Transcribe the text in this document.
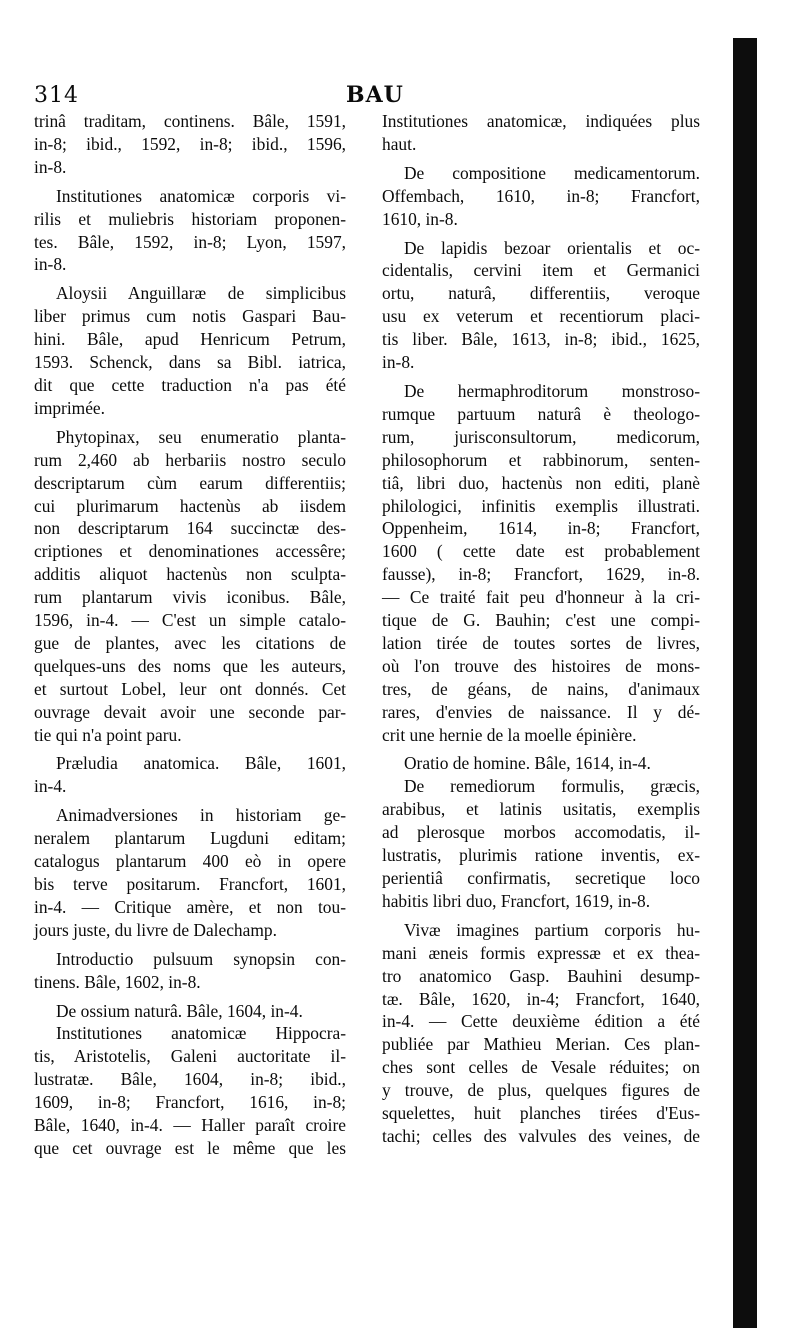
314	BAU
trinâ traditam, continens. Bâle, 1591,
in-8; ibid., 1592, in-8; ibid., 1596,
in-8.
Institutiones anatomicæ corporis vi-
rilis et muliebris historiam proponen-
tes. Bâle, 1592, in-8; Lyon, 1597,
in-8.
Aloysii Anguillaræ de simplicibus
liber primus cum notis Gaspari Bau-
hini. Bâle, apud Henricum Petrum,
1593. Schenck, dans sa Bibl. iatrica,
dit que cette traduction n'a pas été
imprimée.
Phytopinax, seu enumeratio planta-
rum 2,460 ab herbariis nostro seculo
descriptarum cùm earum differentiis;
cui plurimarum hactenùs ab iisdem
non descriptarum 164 succinctæ des-
criptiones et denominationes accessêre;
additis aliquot hactenùs non sculpta-
rum plantarum vivis iconibus. Bâle,
1596, in-4. — C'est un simple catalo-
gue de plantes, avec les citations de
quelques-uns des noms que les auteurs,
et surtout Lobel, leur ont donnés. Cet
ouvrage devait avoir une seconde par-
tie qui n'a point paru.
Præludia anatomica. Bâle, 1601,
in-4.
Animadversiones in historiam ge-
neralem plantarum Lugduni editam;
catalogus plantarum 400 eò in opere
bis terve positarum. Francfort, 1601,
in-4. — Critique amère, et non tou-
jours juste, du livre de Dalechamp.
Introductio pulsuum synopsin con-
tinens. Bâle, 1602, in-8.
De ossium naturâ. Bâle, 1604, in-4.
Institutiones anatomicæ Hippocra-
tis, Aristotelis, Galeni auctoritate il-
lustratæ. Bâle, 1604, in-8; ibid.,
1609, in-8; Francfort, 1616, in-8;
Bâle, 1640, in-4. — Haller paraît croire
que cet ouvrage est le même que les
Institutiones anatomicæ, indiquées plus
haut.
De compositione medicamentorum.
Offembach, 1610, in-8; Francfort,
1610, in-8.
De lapidis bezoar orientalis et oc-
cidentalis, cervini item et Germanici
ortu, naturâ, differentiis, veroque
usu ex veterum et recentiorum placi-
tis liber. Bâle, 1613, in-8; ibid., 1625,
in-8.
De hermaphroditorum monstroso-
rumque partuum naturâ è theologo-
rum, jurisconsultorum, medicorum,
philosophorum et rabbinorum, senten-
tiâ, libri duo, hactenùs non editi, planè
philologici, infinitis exemplis illustrati.
Oppenheim, 1614, in-8; Francfort,
1600 ( cette date est probablement
fausse), in-8; Francfort, 1629, in-8.
— Ce traité fait peu d'honneur à la cri-
tique de G. Bauhin; c'est une compi-
lation tirée de toutes sortes de livres,
où l'on trouve des histoires de mons-
tres, de géans, de nains, d'animaux
rares, d'envies de naissance. Il y dé-
crit une hernie de la moelle épinière.
Oratio de homine. Bâle, 1614, in-4.
De remediorum formulis, græcis,
arabibus, et latinis usitatis, exemplis
ad plerosque morbos accomodatis, il-
lustratis, plurimis ratione inventis, ex-
perientiâ confirmatis, secretique loco
habitis libri duo, Francfort, 1619, in-8.
Vivæ imagines partium corporis hu-
mani æneis formis expressæ et ex thea-
tro anatomico Gasp. Bauhini desump-
tæ. Bâle, 1620, in-4; Francfort, 1640,
in-4. — Cette deuxième édition a été
publiée par Mathieu Merian. Ces plan-
ches sont celles de Vesale réduites; on
y trouve, de plus, quelques figures de
squelettes, huit planches tirées d'Eus-
tachi; celles des valvules des veines, de
